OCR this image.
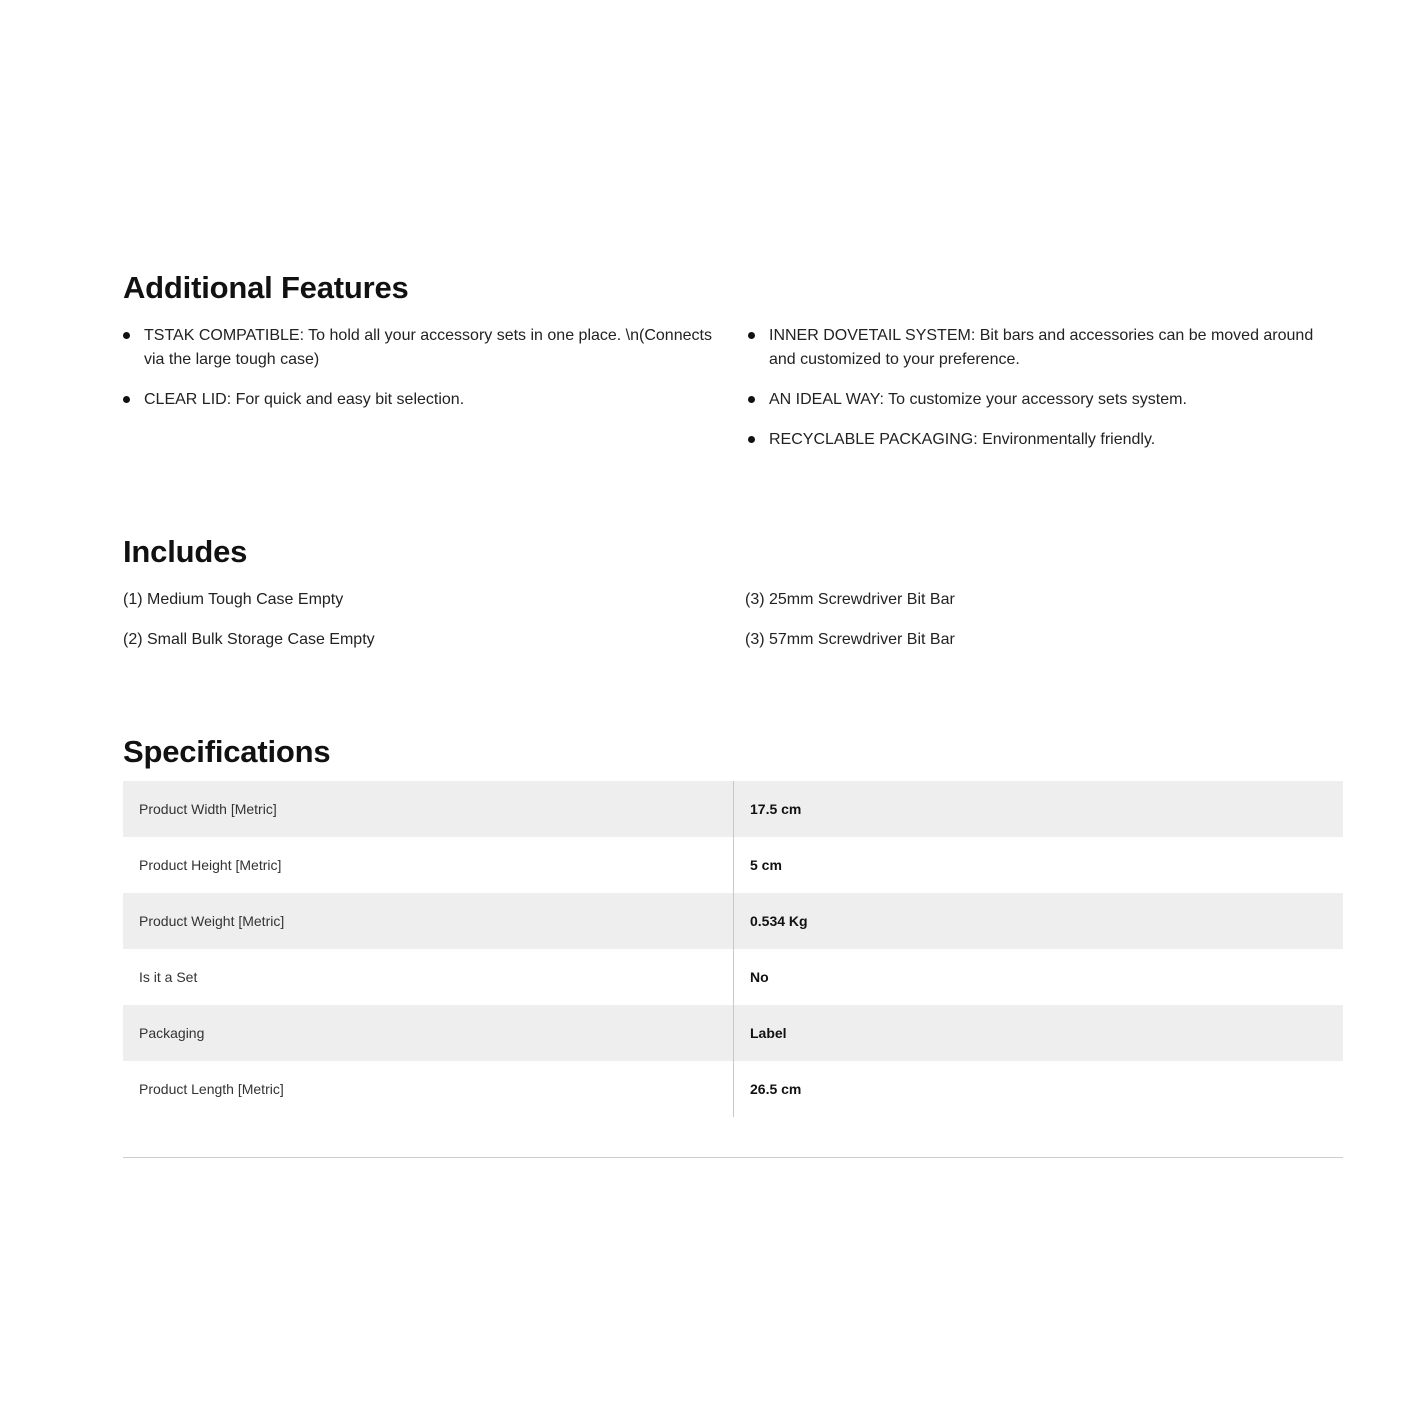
Additional Features
TSTAK COMPATIBLE: To hold all your accessory sets in one place. \n(Connects via the large tough case)
CLEAR LID: For quick and easy bit selection.
INNER DOVETAIL SYSTEM: Bit bars and accessories can be moved around and customized to your preference.
AN IDEAL WAY: To customize your accessory sets system.
RECYCLABLE PACKAGING: Environmentally friendly.
Includes
(1) Medium Tough Case Empty
(2) Small Bulk Storage Case Empty
(3) 25mm Screwdriver Bit Bar
(3) 57mm Screwdriver Bit Bar
Specifications
Product Width [Metric]	17.5 cm
Product Height [Metric]	5 cm
Product Weight [Metric]	0.534 Kg
Is it a Set	No
Packaging	Label
Product Length [Metric]	26.5 cm
